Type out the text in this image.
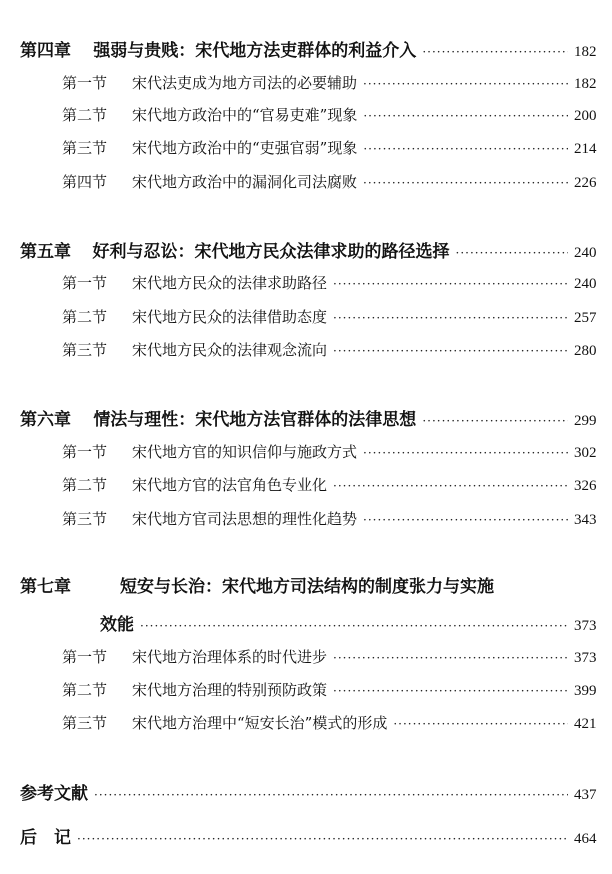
第四章	强弱与贵贱：宋代地方法吏群体的利益介入 ·····	182
第一节	宋代法吏成为地方司法的必要辅助 ·····	182
第二节	宋代地方政治中的“官易吏难”现象 ·····	200
第三节	宋代地方政治中的“吏强官弱”现象 ·····	214
第四节	宋代地方政治中的漏洞化司法腐败 ·····	226
第五章	好利与忍讼：宋代地方民众法律求助的路径选择 ·····	240
第一节	宋代地方民众的法律求助路径 ·····	240
第二节	宋代地方民众的法律借助态度 ·····	257
第三节	宋代地方民众的法律观念流向 ·····	280
第六章	情法与理性：宋代地方法官群体的法律思想 ·····	299
第一节	宋代地方官的知识信仰与施政方式 ·····	302
第二节	宋代地方官的法官角色专业化 ·····	326
第三节	宋代地方官司法思想的理性化趋势 ·····	343
第七章	短安与长治：宋代地方司法结构的制度张力与实施
效能 ·····	373
第一节	宋代地方治理体系的时代进步 ·····	373
第二节	宋代地方治理的特别预防政策 ·····	399
第三节	宋代地方治理中“短安长治”模式的形成 ·····	421
参考文献 ·····	437
后　记 ·····	464
